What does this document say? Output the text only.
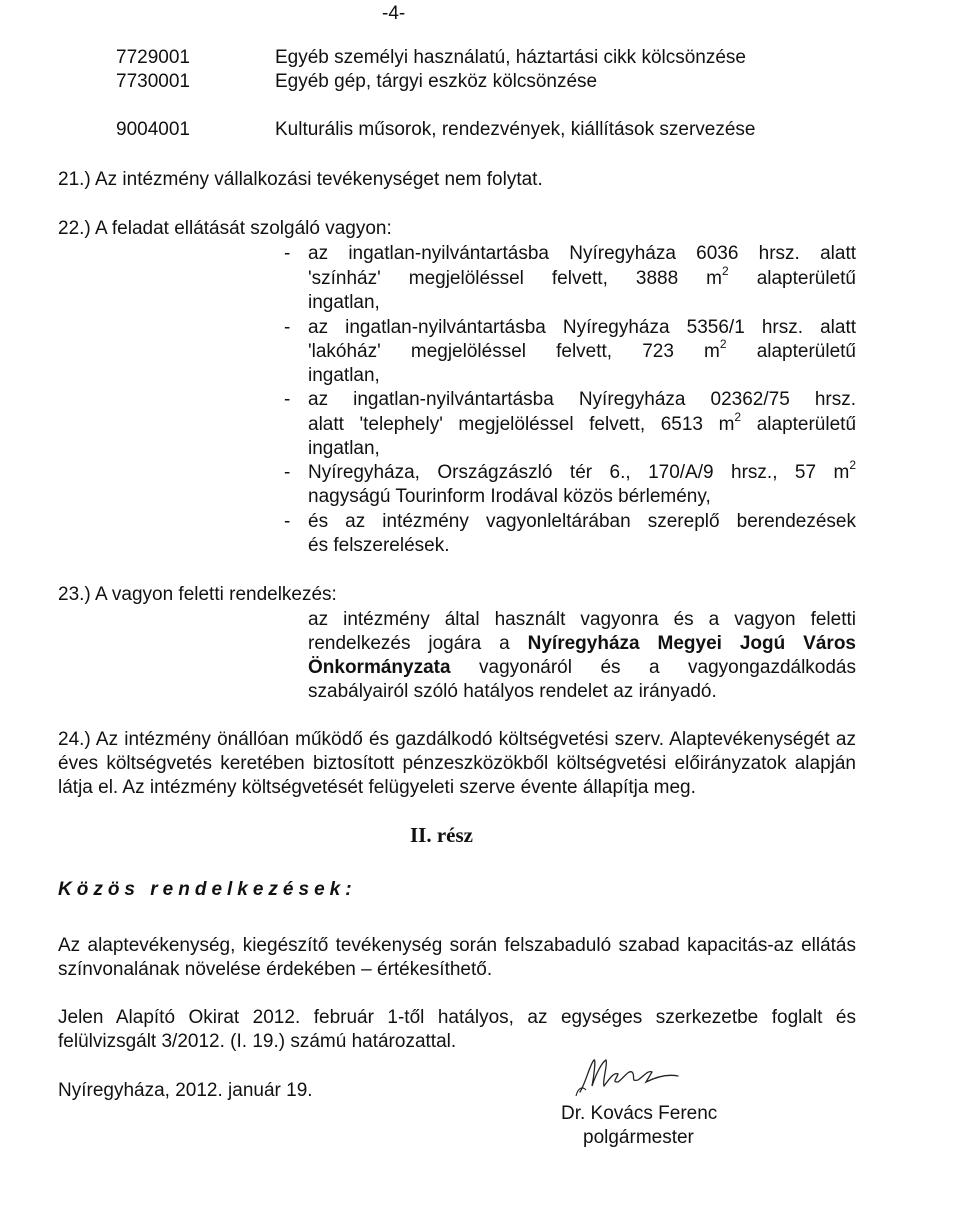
-4-
7729001	Egyéb személyi használatú, háztartási cikk kölcsönzése
7730001	Egyéb gép, tárgyi eszköz kölcsönzése
9004001	Kulturális műsorok, rendezvények, kiállítások szervezése
21.) Az intézmény vállalkozási tevékenységet nem folytat.
22.) A feladat ellátását szolgáló vagyon:
- az ingatlan-nyilvántartásba Nyíregyháza 6036 hrsz. alatt
'színház' megjelöléssel felvett, 3888 $m^2$ alapterületű
ingatlan,
- az ingatlan-nyilvántartásba Nyíregyháza 5356/1 hrsz. alatt
'lakóház' megjelöléssel felvett, 723 $m^2$ alapterületű
ingatlan,
- az ingatlan-nyilvántartásba Nyíregyháza 02362/75 hrsz.
alatt 'telephely' megjelöléssel felvett, 6513 $m^2$ alapterületű
ingatlan,
- Nyíregyháza, Országzászló tér 6., 170/A/9 hrsz., 57 $m^2$
nagyságú Tourinform Irodával közös bérlemény,
- és az intézmény vagyonleltárában szereplő berendezések
és felszerelések.
23.) A vagyon feletti rendelkezés:
az intézmény által használt vagyonra és a vagyon feletti
rendelkezés jogára a Nyíregyháza Megyei Jogú Város
Önkormányzata vagyonáról és a vagyongazdálkodás
szabályairól szóló hatályos rendelet az irányadó.
24.) Az intézmény önállóan működő és gazdálkodó költségvetési szerv. Alaptevékenységét az éves költségvetés keretében biztosított pénzeszközökből költségvetési előirányzatok alapján látja el. Az intézmény költségvetését felügyeleti szerve évente állapítja meg.
II. rész
Közös rendelkezések:
Az alaptevékenység, kiegészítő tevékenység során felszabaduló szabad kapacitás-az ellátás színvonalának növelése érdekében – értékesíthető.
Jelen Alapító Okirat 2012. február 1-től hatályos, az egységes szerkezetbe foglalt és felülvizsgált 3/2012. (I. 19.) számú határozattal.
Nyíregyháza, 2012. január 19.
Dr. Kovács Ferenc
polgármester
